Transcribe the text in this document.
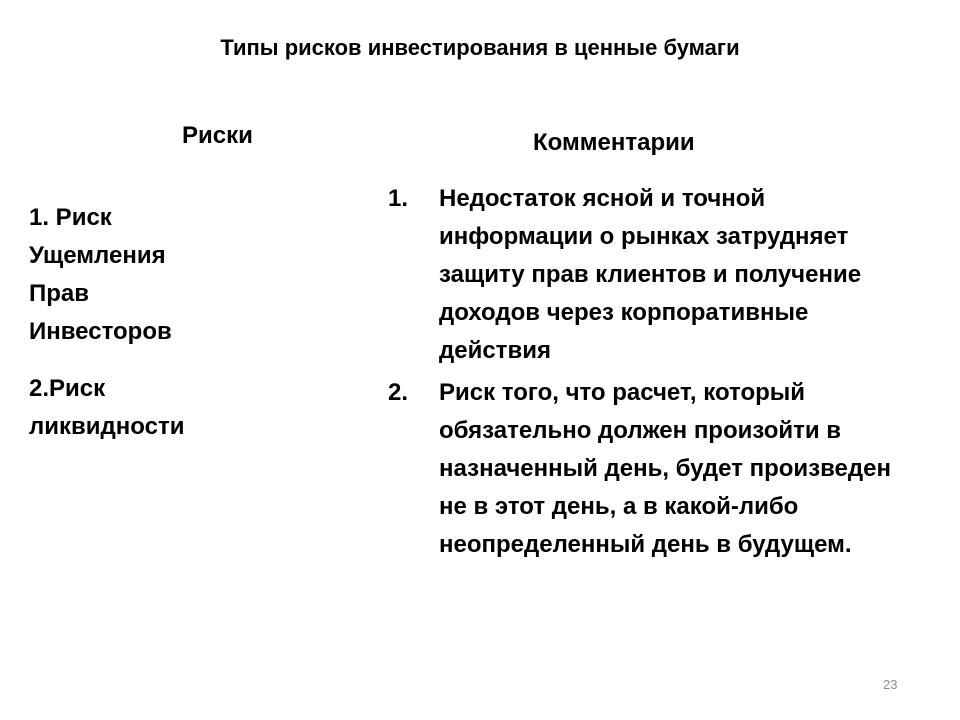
Типы рисков инвестирования в ценные бумаги
Риски
1. Риск Ущемления Прав Инвесторов
2.Риск ликвидности
Комментарии
1. Недостаток ясной и точной информации о рынках затрудняет защиту прав клиентов и получение доходов через корпоративные действия
2. Риск того, что расчет, который обязательно должен произойти в назначенный день, будет произведен не в этот день, а в какой-либо неопределенный день в будущем.
23
